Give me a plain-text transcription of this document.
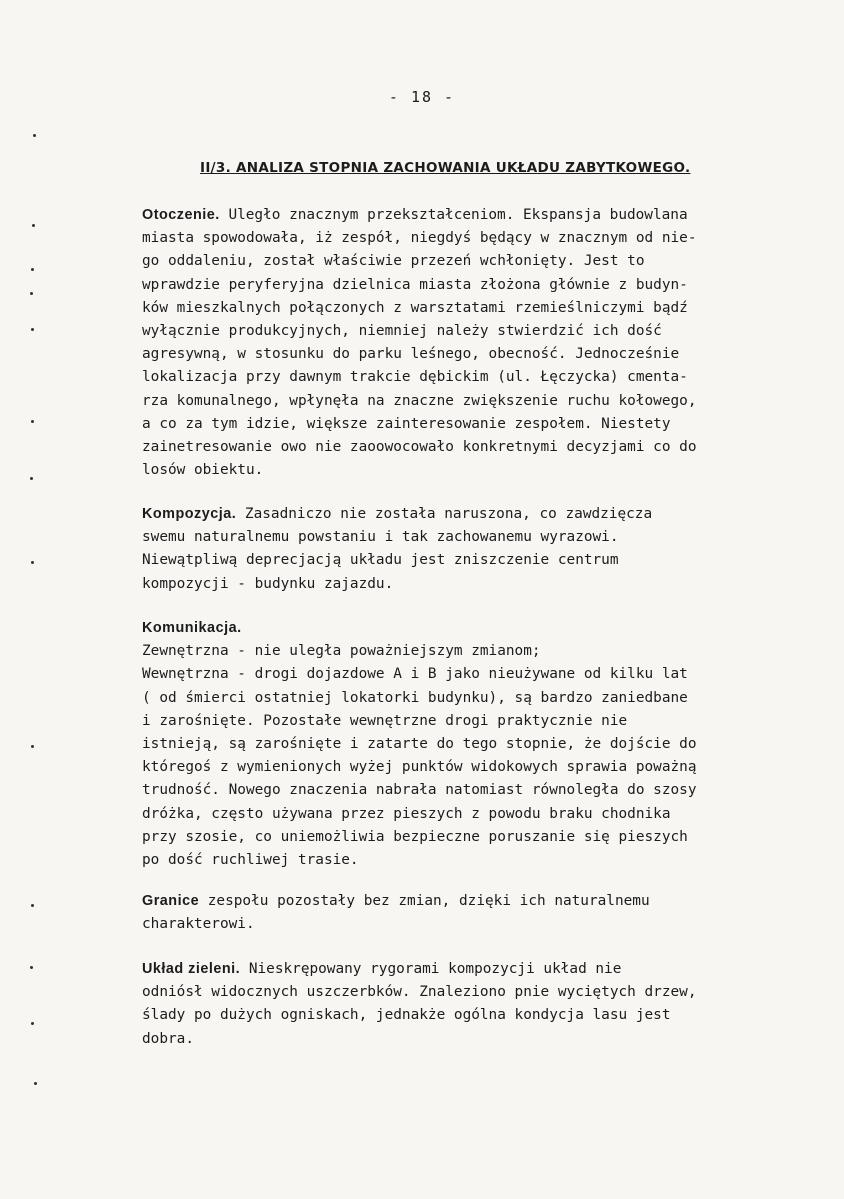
- 18 -
II/3. ANALIZA STOPNIA ZACHOWANIA UKŁADU ZABYTKOWEGO.
Otoczenie. Uległo znacznym przekształceniom. Ekspansja budowlana
miasta spowodowała, iż zespół, niegdyś będący w znacznym od nie-
go oddaleniu, został właściwie przezeń wchłonięty. Jest to
wprawdzie peryferyjna dzielnica miasta złożona głównie z budyn-
ków mieszkalnych połączonych z warsztatami rzemieślniczymi bądź
wyłącznie produkcyjnych, niemniej należy stwierdzić ich dość
agresywną, w stosunku do parku leśnego, obecność. Jednocześnie
lokalizacja przy dawnym trakcie dębickim (ul. Łęczycka) cmenta-
rza komunalnego, wpłynęła na znaczne zwiększenie ruchu kołowego,
a co za tym idzie, większe zainteresowanie zespołem. Niestety
zainetresowanie owo nie zaoowocowało konkretnymi decyzjami co do
losów obiektu.
Kompozycja. Zasadniczo nie została naruszona, co zawdzięcza
swemu naturalnemu powstaniu i tak zachowanemu wyrazowi.
Niewątpliwą deprecjacją układu jest zniszczenie centrum
kompozycji - budynku zajazdu.
Komunikacja.
Zewnętrzna - nie uległa poważniejszym zmianom;
Wewnętrzna - drogi dojazdowe A i B jako nieużywane od kilku lat
( od śmierci ostatniej lokatorki budynku), są bardzo zaniedbane
i zarośnięte. Pozostałe wewnętrzne drogi praktycznie nie
istnieją, są zarośnięte i zatarte do tego stopnie, że dojście do
któregoś z wymienionych wyżej punktów widokowych sprawia poważną
trudność. Nowego znaczenia nabrała natomiast równoległa do szosy
dróżka, często używana przez pieszych z powodu braku chodnika
przy szosie, co uniemożliwia bezpieczne poruszanie się pieszych
po dość ruchliwej trasie.
Granice zespołu pozostały bez zmian, dzięki ich naturalnemu
charakterowi.
Układ zieleni. Nieskrępowany rygorami kompozycji układ nie
odniósł widocznych uszczerbków. Znaleziono pnie wyciętych drzew,
ślady po dużych ogniskach, jednakże ogólna kondycja lasu jest
dobra.
